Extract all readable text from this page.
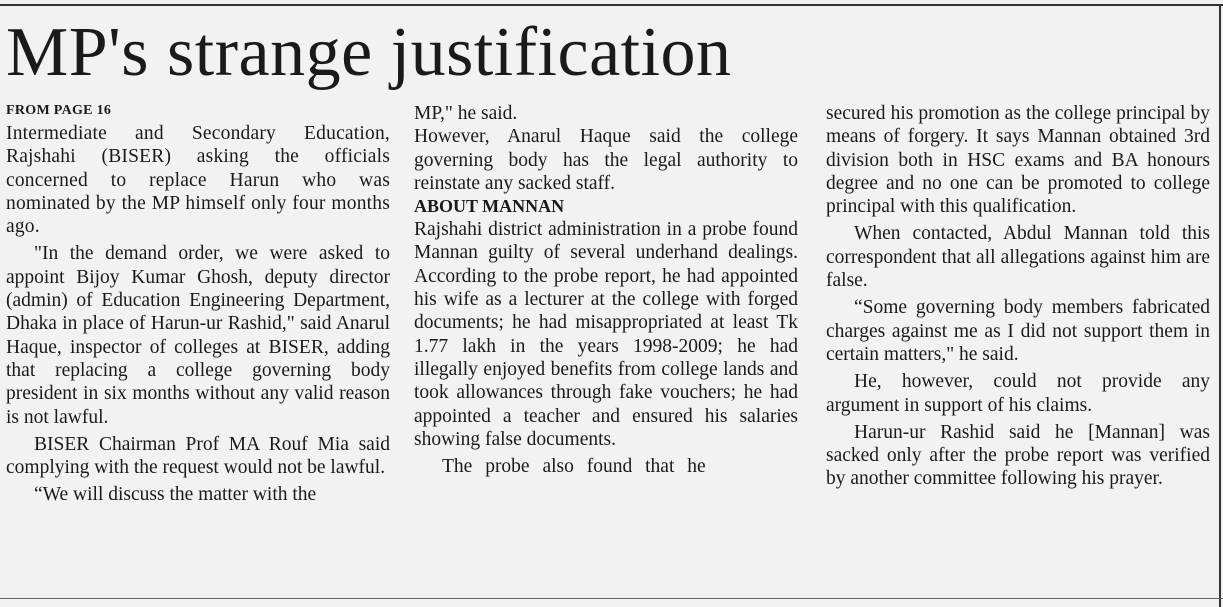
MP's strange justification
FROM PAGE 16

Intermediate and Secondary Education, Rajshahi (BISER) asking the officials concerned to replace Harun who was nominated by the MP himself only four months ago.

"In the demand order, we were asked to appoint Bijoy Kumar Ghosh, deputy director (admin) of Education Engineering Department, Dhaka in place of Harun-ur Rashid," said Anarul Haque, inspector of colleges at BISER, adding that replacing a college governing body president in six months without any valid reason is not lawful.

BISER Chairman Prof MA Rouf Mia said complying with the request would not be lawful.

“We will discuss the matter with the

MP," he said.

However, Anarul Haque said the college governing body has the legal authority to reinstate any sacked staff.

ABOUT MANNAN

Rajshahi district administration in a probe found Mannan guilty of several underhand dealings. According to the probe report, he had appointed his wife as a lecturer at the college with forged documents; he had misappropriated at least Tk 1.77 lakh in the years 1998-2009; he had illegally enjoyed benefits from college lands and took allowances through fake vouchers; he had appointed a teacher and ensured his salaries showing false documents.

The probe also found that he

secured his promotion as the college principal by means of forgery. It says Mannan obtained 3rd division both in HSC exams and BA honours degree and no one can be promoted to college principal with this qualification.

When contacted, Abdul Mannan told this correspondent that all allegations against him are false.

“Some governing body members fabricated charges against me as I did not support them in certain matters," he said.

He, however, could not provide any argument in support of his claims.

Harun-ur Rashid said he [Mannan] was sacked only after the probe report was verified by another committee following his prayer.
